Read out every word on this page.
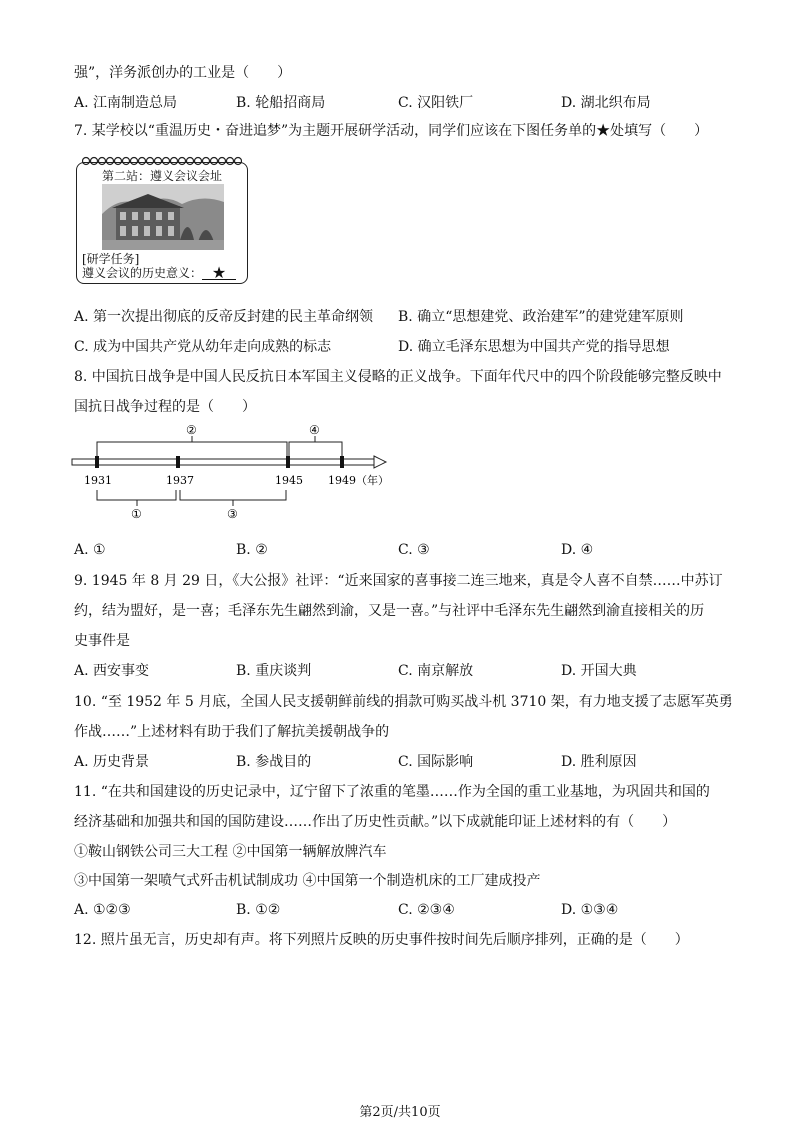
强”，洋务派创办的工业是（　　）
A. 江南制造总局	B. 轮船招商局	C. 汉阳铁厂	D. 湖北织布局
7. 某学校以“重温历史・奋进追梦”为主题开展研学活动，同学们应该在下图任务单的★处填写（　　）
第二站：遵义会议会址
[研学任务]
遵义会议的历史意义： ★
A. 第一次提出彻底的反帝反封建的民主革命纲领 B. 确立“思想建党、政治建军”的建党建军原则
C. 成为中国共产党从幼年走向成熟的标志	D. 确立毛泽东思想为中国共产党的指导思想
8. 中国抗日战争是中国人民反抗日本军国主义侵略的正义战争。下面年代尺中的四个阶段能够完整反映中
国抗日战争过程的是（　　）
②	④
1931	1937	1945 1949（年）
①	③
A. ①	B. ②	C. ③	D. ④
9. 1945 年 8 月 29 日，《大公报》社评：“近来国家的喜事接二连三地来，真是令人喜不自禁……中苏订
约，结为盟好，是一喜；毛泽东先生翩然到渝，又是一喜。”与社评中毛泽东先生翩然到渝直接相关的历
史事件是
A. 西安事变	B. 重庆谈判	C. 南京解放	D. 开国大典
10. “至 1952 年 5 月底，全国人民支援朝鲜前线的捐款可购买战斗机 3710 架，有力地支援了志愿军英勇
作战……”上述材料有助于我们了解抗美援朝战争的
A. 历史背景	B. 参战目的	C. 国际影响	D. 胜利原因
11. “在共和国建设的历史记录中，辽宁留下了浓重的笔墨……作为全国的重工业基地，为巩固共和国的
经济基础和加强共和国的国防建设……作出了历史性贡献。”以下成就能印证上述材料的有（　　）
①鞍山钢铁公司三大工程 ②中国第一辆解放牌汽车
③中国第一架喷气式歼击机试制成功 ④中国第一个制造机床的工厂建成投产
A. ①②③	B. ①②	C. ②③④	D. ①③④
12. 照片虽无言，历史却有声。将下列照片反映的历史事件按时间先后顺序排列，正确的是（　　）
第2页/共10页
